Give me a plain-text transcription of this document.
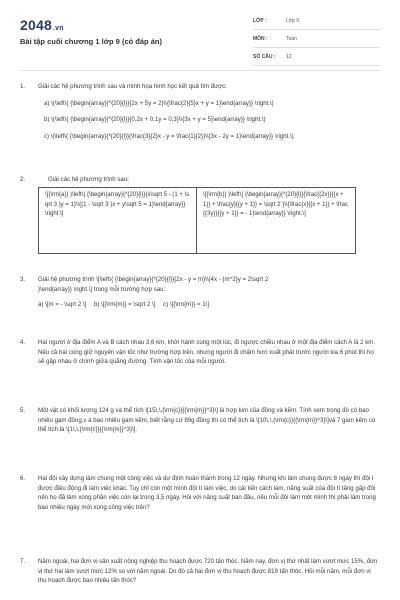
2048.vn
Bài tập cuối chương 1 lớp 9 (có đáp án)
LỚP :	Lớp 9
MÔN :	Toán
SỐ CÂU : 12
1.	Giải các hệ phương trình sau và minh họa hình học kết quả tìm được:
a) \(\left\{ {\begin{array}{*{20}{l}}{2x + 5y = 2}\\{\frac{2}{5}x + y = 1}\end{array}} \right.\)
b) \(\left\{ {\begin{array}{*{20}{l}}{0,2x + 0,1y = 0,3}\\{3x + y = 5}\end{array}} \right.\)
c) \(\left\{ {\begin{array}{*{20}{l}}{\frac{3}{2}x - y = \frac{1}{2}}\\{3x - 2y = 1}\end{array}} \right.\)
2.	Giải các hệ phương trình sau:
\[{\rm{a}} )\left\{ {\begin{array}{*{20}{l}}{x\sqrt 5 - (1 + \sqrt 3 )y = 1}\\{(1 - \sqrt 3 )x + y\sqrt 5 = 1}\end{array}} \right.\]
\[{\rm{b}} )\left\{ {\begin{array}{*{20}{l}}{\frac{{2x}}{{x + 1}} + \frac{y}{{y + 1}} = \sqrt 2 }\\{\frac{x}{{x + 1}} + \frac{{3y}}{{y + 1}} = - 1}\end{array}} \right.\]
3.	Giải hệ phương trình \[\left\{ {\begin{array}{*{20}{l}}{2x - y = m}\\{4x - {m^2}y = 2\sqrt 2
}\end{array}} \right.\] trong mỗi trường hợp sau:
a) \[m = - \sqrt 2 \] b) \[{\rm{m}} = \sqrt 2 \] c) \[{\rm{m}} = 1\]
4.	Hai người ở địa điểm A và B cách nhau 3,6 km, khởi hành cùng một lúc, đi ngược chiều nhau ở một địa điểm cách A là 2 km. Nếu cả hai cùng giữ nguyên vận tốc như trường hợp trên, nhưng người đi chậm hơn xuất phát trước người kia 6 phút thì họ sẽ gặp nhau ở chính giữa quãng đường. Tính vận tốc của mỗi người.
5.	Một vật có khối lượng 124 g và thể tích \[15\,\,{\rm{c}}{{\rm{m}}^3}\] là hợp kim của đồng và kẽm. Tính xem trong đó có bao nhiêu gam đồng,v à bao nhiêu gam kẽm, biết rằng cứ 89g đồng thì có thể tích là \[10\,\,{\rm{c}}{{\rm{m}}^3}\]và 7 gam kẽm có thể tích là \[1\,\,{\rm{c}}{{\rm{m}}^3}\].
6.	Hai đội xây dựng làm chung một công việc và dự định hoàn thành trong 12 ngày. Nhưng khi làm chung được 8 ngày thì đội I được điều động đi làm việc khác. Tuy chỉ còn một mình đội II làm việc, do cải tiến cách làm, năng suất của đội II tăng gấp đôi nên họ đã làm xong phần việc còn lại trong 3,5 ngày. Hỏi với năng suất ban đầu, nếu mỗi đội làm một mình thì phải làm trong bao nhiêu ngày mới xong công việc trên?
7.	Năm ngoái, hai đơn vị sản xuất nông nghiệp thu hoạch được 720 tấn thóc. Năm nay, đơn vị thứ nhất làm vượt mức 15%, đơn vị thứ hai làm vượt mức 12% so với năm ngoái. Do đó cả hai đơn vị thu hoạch được 819 tấn thóc. Hỏi mỗi năm, mỗi đơn vị thu hoạch được bao nhiêu tấn thóc?
